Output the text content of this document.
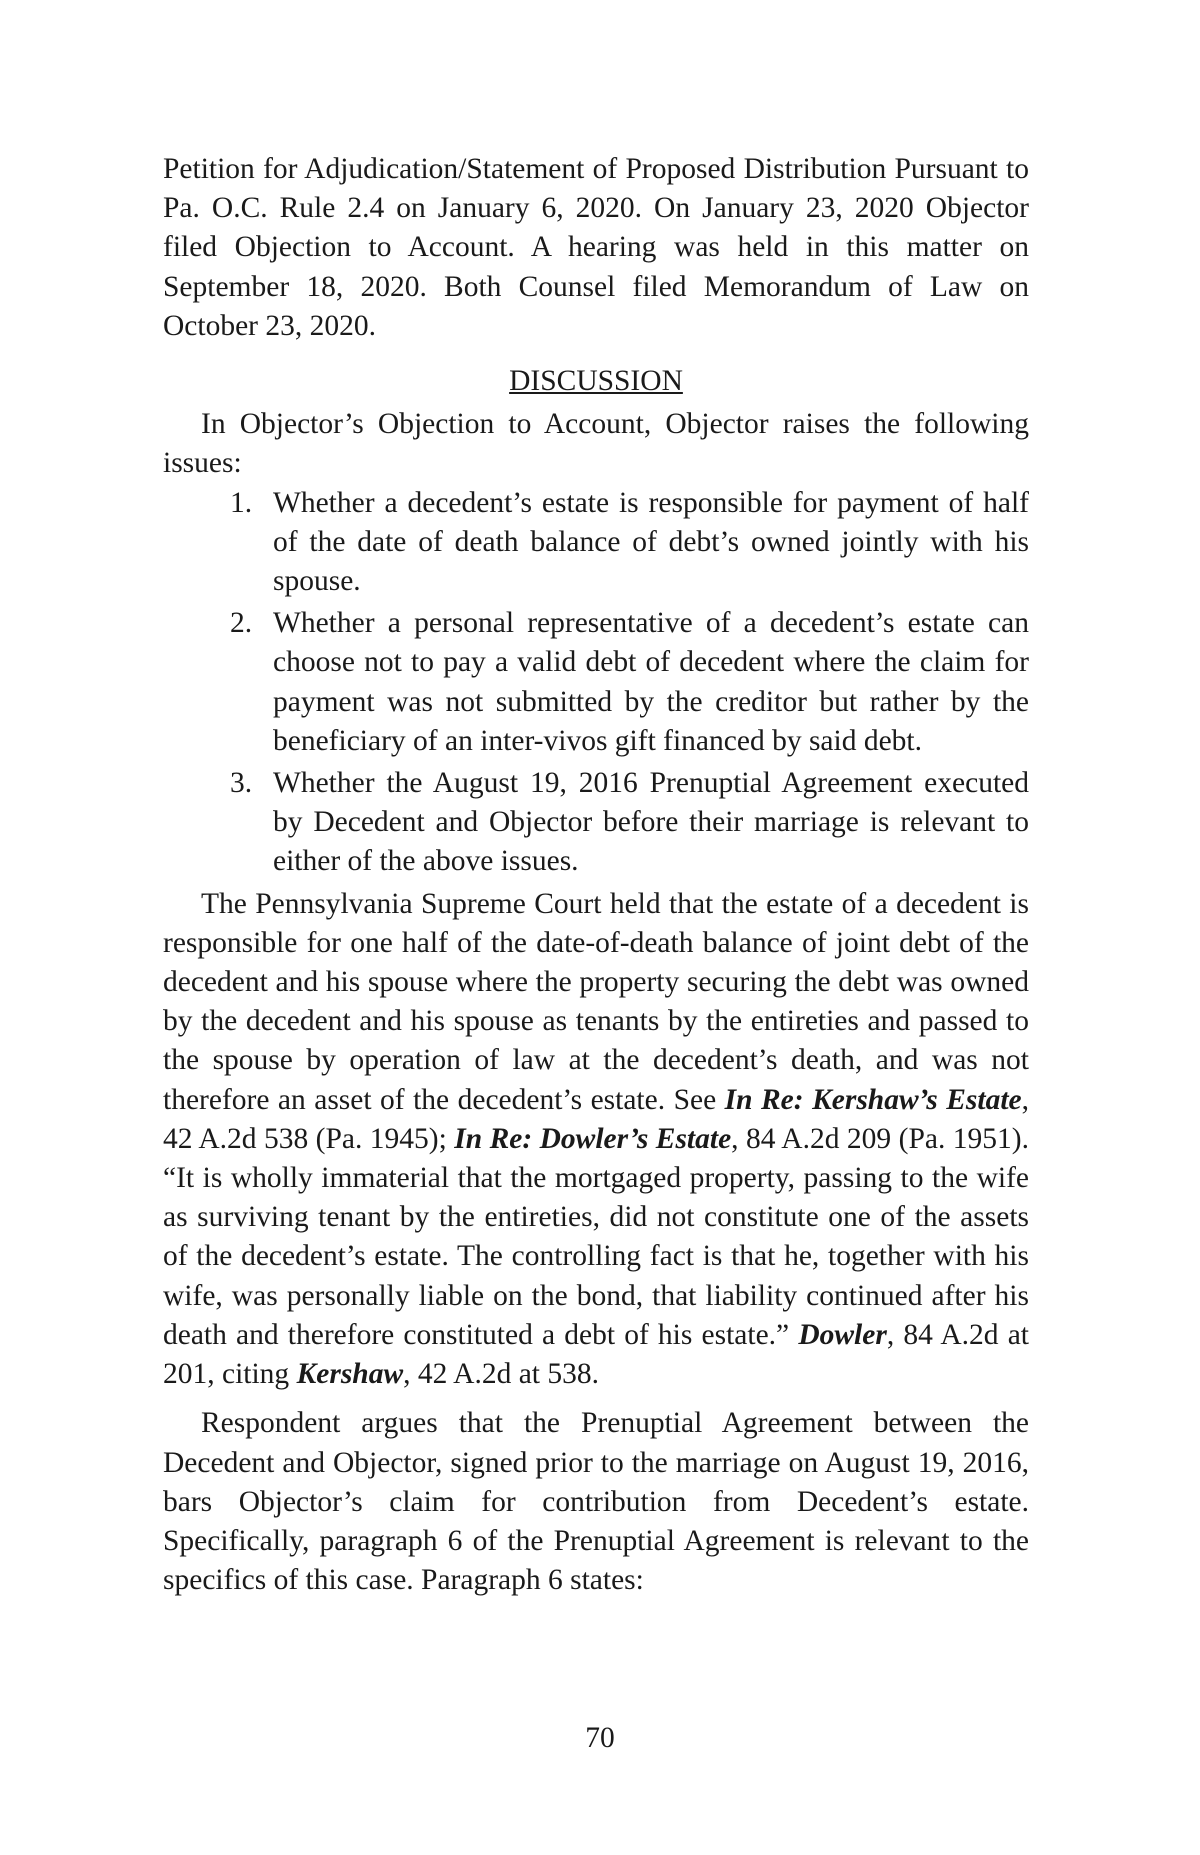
Petition for Adjudication/Statement of Proposed Distribution Pursuant to Pa. O.C. Rule 2.4 on January 6, 2020. On January 23, 2020 Objector filed Objection to Account. A hearing was held in this matter on September 18, 2020. Both Counsel filed Memorandum of Law on October 23, 2020.

DISCUSSION

In Objector’s Objection to Account, Objector raises the following issues:

1. Whether a decedent’s estate is responsible for payment of half of the date of death balance of debt’s owned jointly with his spouse.
2. Whether a personal representative of a decedent’s estate can choose not to pay a valid debt of decedent where the claim for payment was not submitted by the creditor but rather by the beneficiary of an inter-vivos gift financed by said debt.
3. Whether the August 19, 2016 Prenuptial Agreement executed by Decedent and Objector before their marriage is relevant to either of the above issues.

The Pennsylvania Supreme Court held that the estate of a decedent is responsible for one half of the date-of-death balance of joint debt of the decedent and his spouse where the property securing the debt was owned by the decedent and his spouse as tenants by the entireties and passed to the spouse by operation of law at the decedent’s death, and was not therefore an asset of the decedent’s estate. See In Re: Kershaw’s Estate, 42 A.2d 538 (Pa. 1945); In Re: Dowler’s Estate, 84 A.2d 209 (Pa. 1951). “It is wholly immaterial that the mortgaged property, passing to the wife as surviving tenant by the entireties, did not constitute one of the assets of the decedent’s estate. The controlling fact is that he, together with his wife, was personally liable on the bond, that liability continued after his death and therefore constituted a debt of his estate.” Dowler, 84 A.2d at 201, citing Kershaw, 42 A.2d at 538.

Respondent argues that the Prenuptial Agreement between the Decedent and Objector, signed prior to the marriage on August 19, 2016, bars Objector’s claim for contribution from Decedent’s estate. Specifically, paragraph 6 of the Prenuptial Agreement is relevant to the specifics of this case. Paragraph 6 states:

70
